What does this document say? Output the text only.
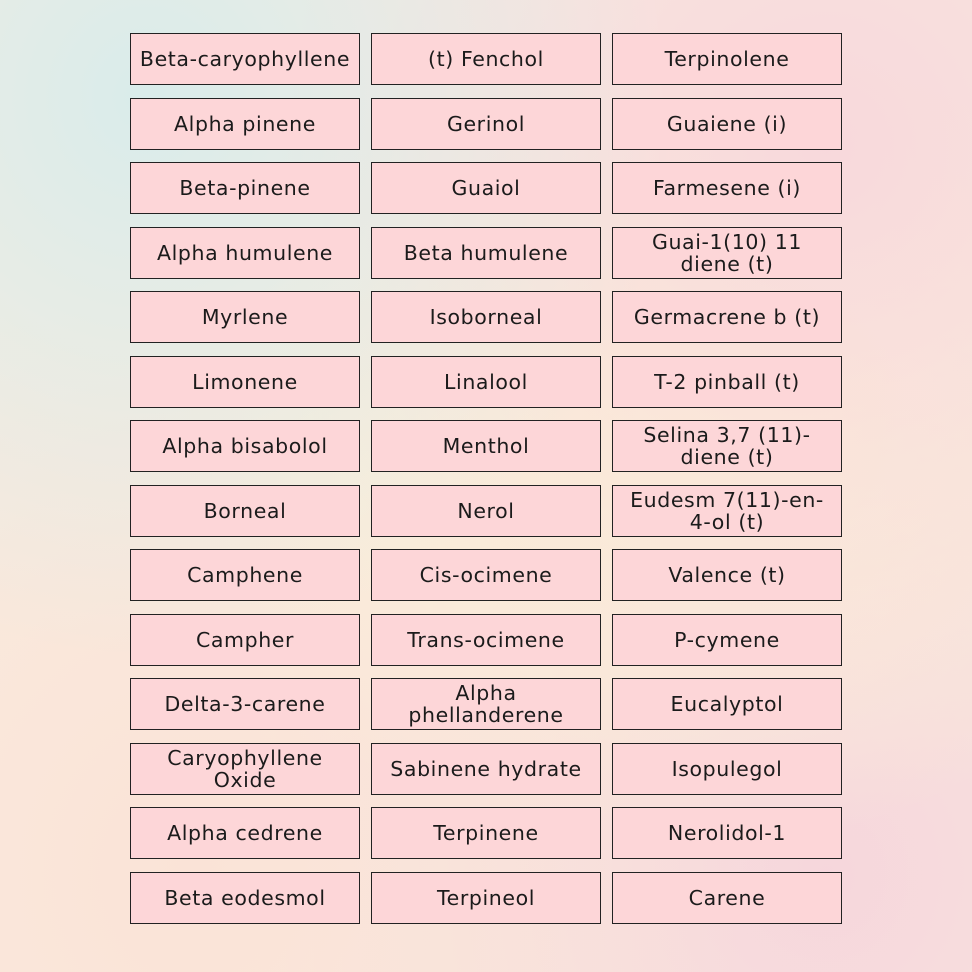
Beta-caryophyllene	(t) Fenchol	Terpinolene
Alpha pinene	Gerinol	Guaiene (i)
Beta-pinene	Guaiol	Farmesene (i)
Alpha humulene	Beta humulene	Guai-1(10) 11 diene (t)
Myrlene	Isoborneal	Germacrene b (t)
Limonene	Linalool	T-2 pinball (t)
Alpha bisabolol	Menthol	Selina 3,7 (11)-diene (t)
Borneal	Nerol	Eudesm 7(11)-en-4-ol (t)
Camphene	Cis-ocimene	Valence (t)
Campher	Trans-ocimene	P-cymene
Delta-3-carene	Alpha phellanderene	Eucalyptol
Caryophyllene Oxide	Sabinene hydrate	Isopulegol
Alpha cedrene	Terpinene	Nerolidol-1
Beta eodesmol	Terpineol	Carene
